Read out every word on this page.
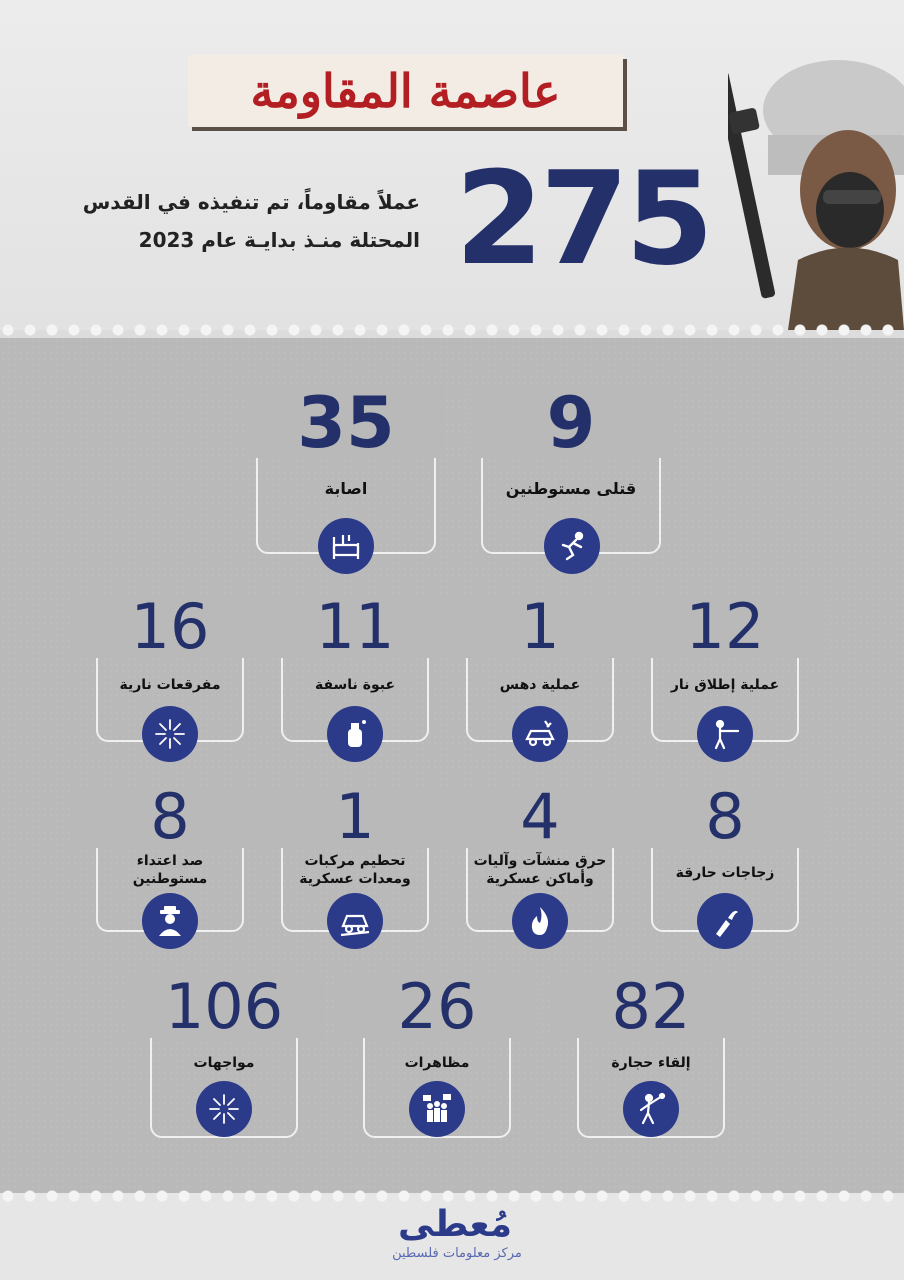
عاصمة المقاومة
275
عملاً مقاوماً، تم تنفيذه في القدس
المحتلة منـذ بدايـة عام 2023
9
قتلى مستوطنين
35
اصابة
12
عملية إطلاق نار
1
عملية دهس
11
عبوة ناسفة
16
مفرقعات نارية
8
زجاجات حارقة
4
حرق منشآت وآليات
وأماكن عسكرية
1
تحطيم مركبات
ومعدات عسكرية
8
صد اعتداء
مستوطنين
82
إلقاء حجارة
26
مظاهرات
106
مواجهات
مُعطى
مركز معلومات فلسطين
